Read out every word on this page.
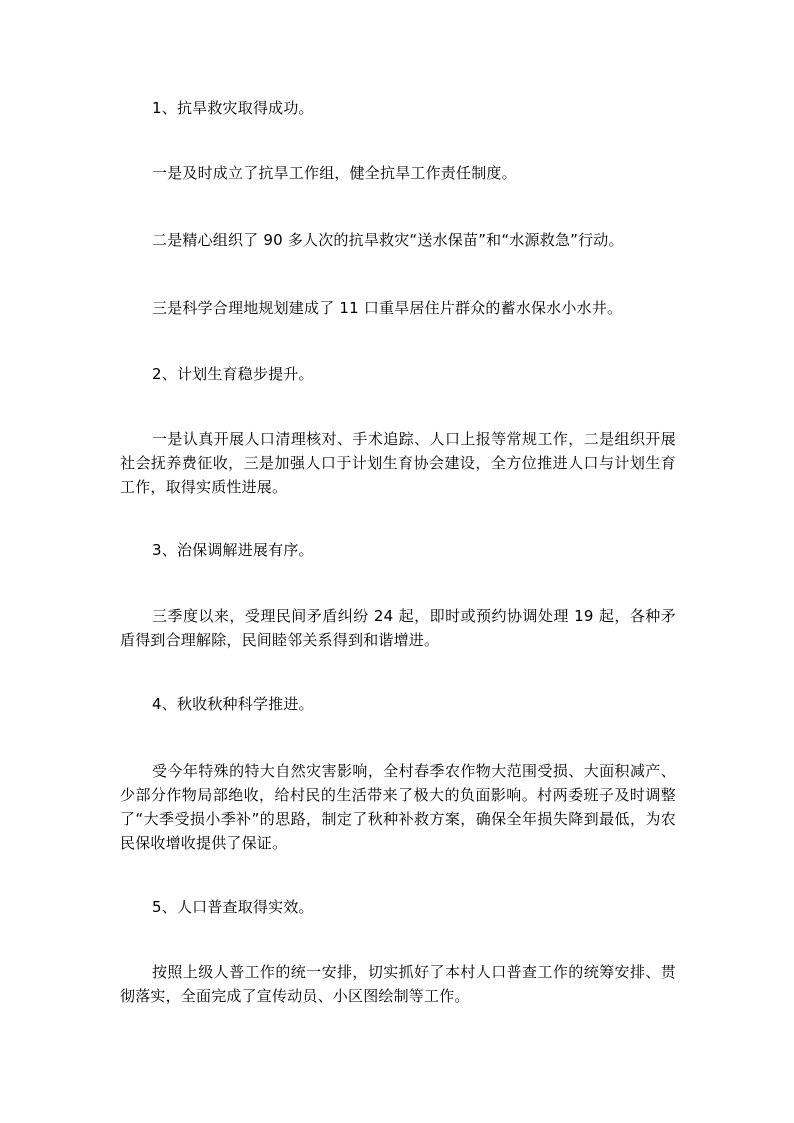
1、抗旱救灾取得成功。
一是及时成立了抗旱工作组，健全抗旱工作责任制度。
二是精心组织了 90 多人次的抗旱救灾“送水保苗”和“水源救急”行动。
三是科学合理地规划建成了 11 口重旱居住片群众的蓄水保水小水井。
2、计划生育稳步提升。
一是认真开展人口清理核对、手术追踪、人口上报等常规工作，二是组织开展社会抚养费征收，三是加强人口于计划生育协会建设，全方位推进人口与计划生育工作，取得实质性进展。
3、治保调解进展有序。
三季度以来，受理民间矛盾纠纷 24 起，即时或预约协调处理 19 起，各种矛盾得到合理解除，民间睦邻关系得到和谐增进。
4、秋收秋种科学推进。
受今年特殊的特大自然灾害影响，全村春季农作物大范围受损、大面积减产、少部分作物局部绝收，给村民的生活带来了极大的负面影响。村两委班子及时调整了“大季受损小季补”的思路，制定了秋种补救方案，确保全年损失降到最低，为农民保收增收提供了保证。
5、人口普查取得实效。
按照上级人普工作的统一安排，切实抓好了本村人口普查工作的统筹安排、贯彻落实，全面完成了宣传动员、小区图绘制等工作。
